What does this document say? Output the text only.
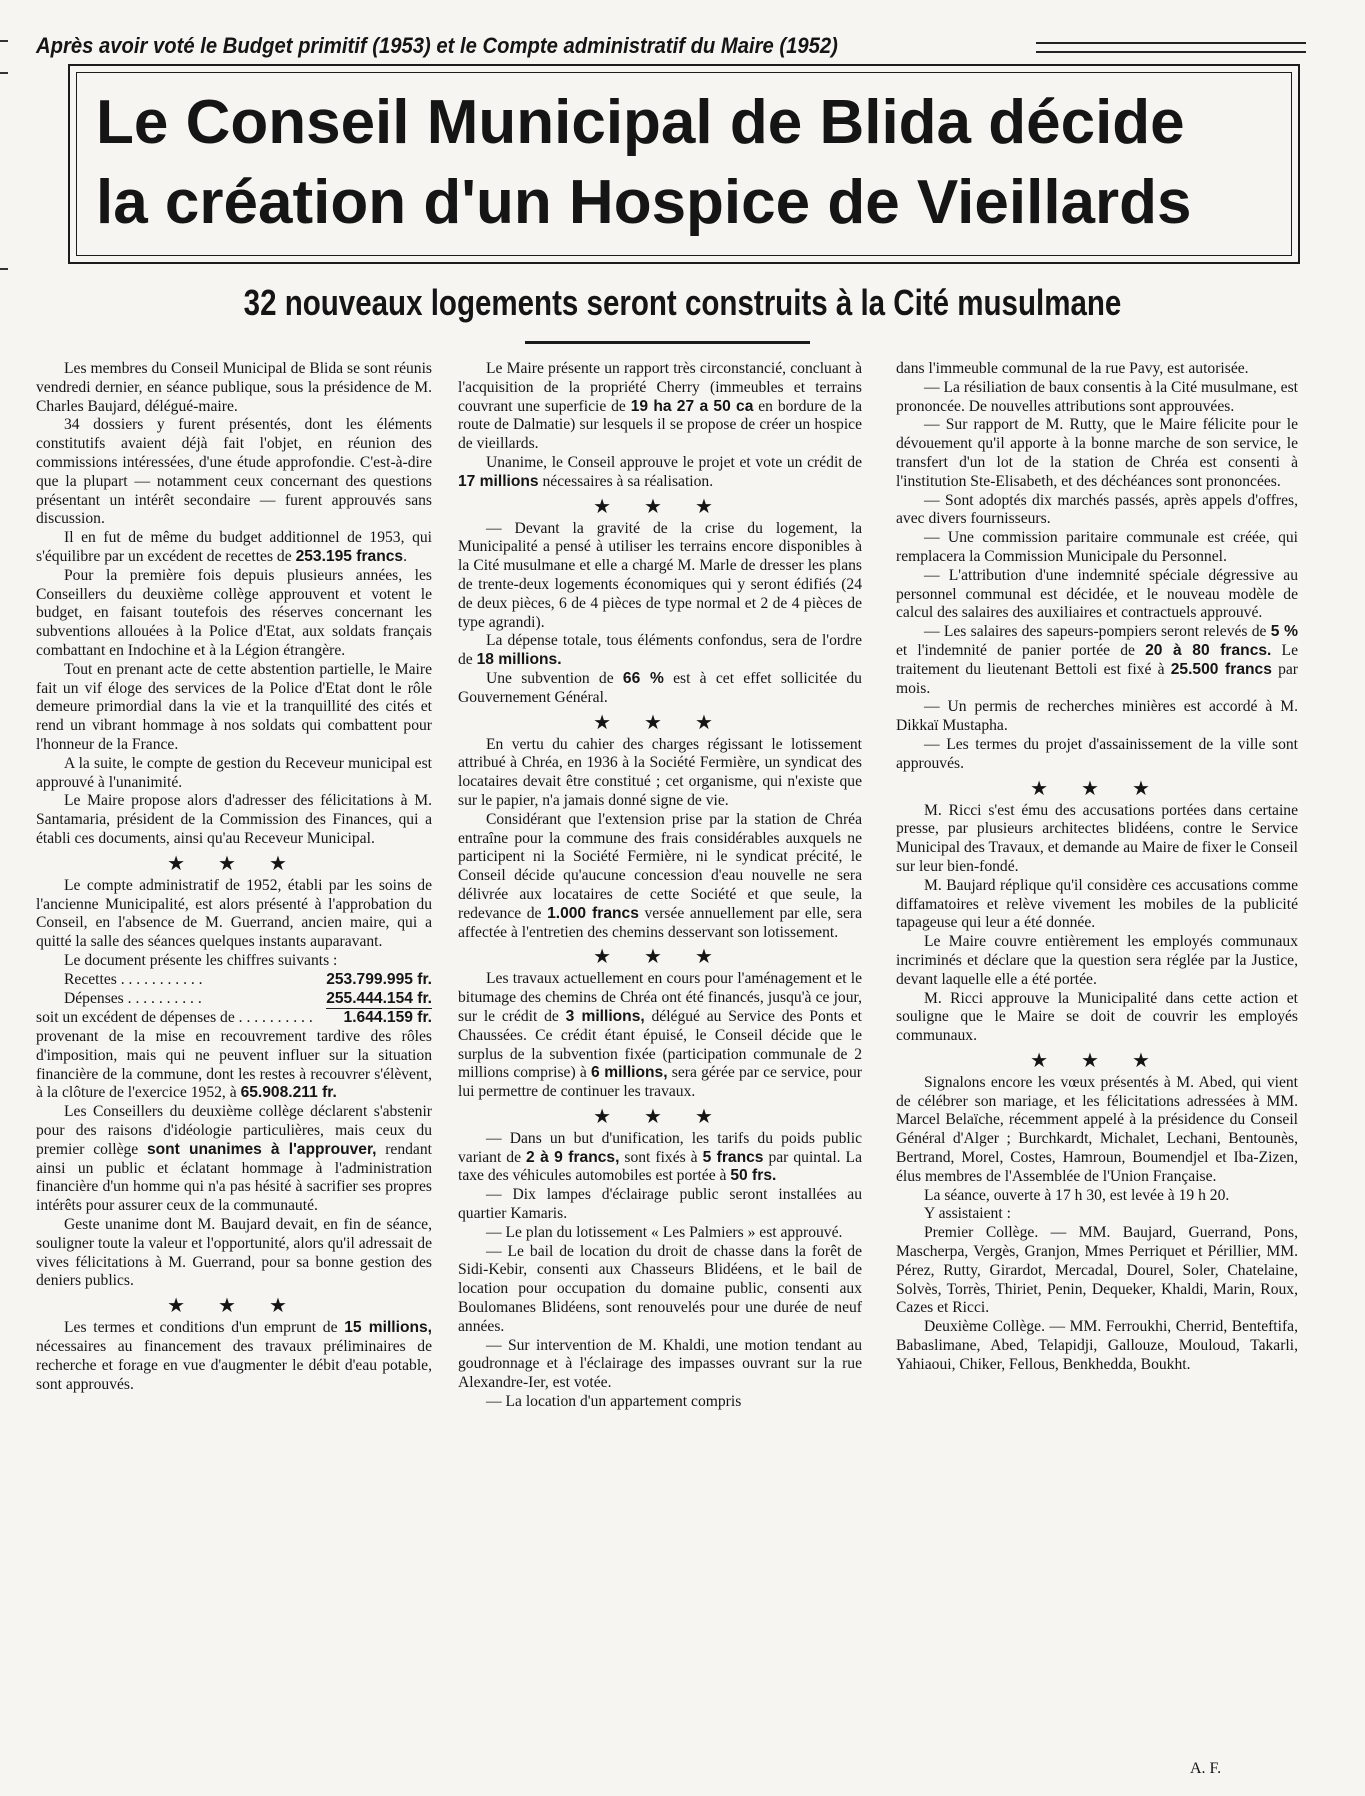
Après avoir voté le Budget primitif (1953) et le Compte administratif du Maire (1952)
Le Conseil Municipal de Blida décide
la création d'un Hospice de Vieillards
32 nouveaux logements seront construits à la Cité musulmane

Les membres du Conseil Municipal de Blida se sont réunis vendredi dernier, en séance publique, sous la présidence de M. Charles Baujard, délégué-maire.

34 dossiers y furent présentés, dont les éléments constitutifs avaient déjà fait l'objet, en réunion des commissions intéressées, d'une étude approfondie. C'est-à-dire que la plupart — notamment ceux concernant des questions présentant un intérêt secondaire — furent approuvés sans discussion.

Il en fut de même du budget additionnel de 1953, qui s'équilibre par un excédent de recettes de 253.195 francs.

Pour la première fois depuis plusieurs années, les Conseillers du deuxième collège approuvent et votent le budget, en faisant toutefois des réserves concernant les subventions allouées à la Police d'Etat, aux soldats français combattant en Indochine et à la Légion étrangère.

Tout en prenant acte de cette abstention partielle, le Maire fait un vif éloge des services de la Police d'Etat dont le rôle demeure primordial dans la vie et la tranquillité des cités et rend un vibrant hommage à nos soldats qui combattent pour l'honneur de la France.

A la suite, le compte de gestion du Receveur municipal est approuvé à l'unanimité.

Le Maire propose alors d'adresser des félicitations à M. Santamaria, président de la Commission des Finances, qui a établi ces documents, ainsi qu'au Receveur Municipal.

★ ★ ★

Le compte administratif de 1952, établi par les soins de l'ancienne Municipalité, est alors présenté à l'approbation du Conseil, en l'absence de M. Guerrand, ancien maire, qui a quitté la salle des séances quelques instants auparavant.

Le document présente les chiffres suivants :

Recettes . . . . . . . . . . .	253.799.995 fr.
Dépenses . . . . . . . . . .	255.444.154 fr.
soit un excédent de dépenses de . . . . . . . . . . 1.644.159 fr.

provenant de la mise en recouvrement tardive des rôles d'imposition, mais qui ne peuvent influer sur la situation financière de la commune, dont les restes à recouvrer s'élèvent, à la clôture de l'exercice 1952, à 65.908.211 fr.

Les Conseillers du deuxième collège déclarent s'abstenir pour des raisons d'idéologie particulières, mais ceux du premier collège sont unanimes à l'approuver, rendant ainsi un public et éclatant hommage à l'administration financière d'un homme qui n'a pas hésité à sacrifier ses propres intérêts pour assurer ceux de la communauté.

Geste unanime dont M. Baujard devait, en fin de séance, souligner toute la valeur et l'opportunité, alors qu'il adressait de vives félicitations à M. Guerrand, pour sa bonne gestion des deniers publics.

★ ★ ★

Les termes et conditions d'un emprunt de 15 millions, nécessaires au financement des travaux préliminaires de recherche et forage en vue d'augmenter le débit d'eau potable, sont approuvés.

Le Maire présente un rapport très circonstancié, concluant à l'acquisition de la propriété Cherry (immeubles et terrains couvrant une superficie de 19 ha 27 a 50 ca en bordure de la route de Dalmatie) sur lesquels il se propose de créer un hospice de vieillards.

Unanime, le Conseil approuve le projet et vote un crédit de 17 millions nécessaires à sa réalisation.

★ ★ ★

— Devant la gravité de la crise du logement, la Municipalité a pensé à utiliser les terrains encore disponibles à la Cité musulmane et elle a chargé M. Marle de dresser les plans de trente-deux logements économiques qui y seront édifiés (24 de deux pièces, 6 de 4 pièces de type normal et 2 de 4 pièces de type agrandi).

La dépense totale, tous éléments confondus, sera de l'ordre de 18 millions.

Une subvention de 66 % est à cet effet sollicitée du Gouvernement Général.

★ ★ ★

En vertu du cahier des charges régissant le lotissement attribué à Chréa, en 1936 à la Société Fermière, un syndicat des locataires devait être constitué ; cet organisme, qui n'existe que sur le papier, n'a jamais donné signe de vie.

Considérant que l'extension prise par la station de Chréa entraîne pour la commune des frais considérables auxquels ne participent ni la Société Fermière, ni le syndicat précité, le Conseil décide qu'aucune concession d'eau nouvelle ne sera délivrée aux locataires de cette Société et que seule, la redevance de 1.000 francs versée annuellement par elle, sera affectée à l'entretien des chemins desservant son lotissement.

★ ★ ★

Les travaux actuellement en cours pour l'aménagement et le bitumage des chemins de Chréa ont été financés, jusqu'à ce jour, sur le crédit de 3 millions, délégué au Service des Ponts et Chaussées. Ce crédit étant épuisé, le Conseil décide que le surplus de la subvention fixée (participation communale de 2 millions comprise) à 6 millions, sera gérée par ce service, pour lui permettre de continuer les travaux.

★ ★ ★

— Dans un but d'unification, les tarifs du poids public variant de 2 à 9 francs, sont fixés à 5 francs par quintal. La taxe des véhicules automobiles est portée à 50 frs.

— Dix lampes d'éclairage public seront installées au quartier Kamaris.

— Le plan du lotissement « Les Palmiers » est approuvé.

— Le bail de location du droit de chasse dans la forêt de Sidi-Kebir, consenti aux Chasseurs Blidéens, et le bail de location pour occupation du domaine public, consenti aux Boulomanes Blidéens, sont renouvelés pour une durée de neuf années.

— Sur intervention de M. Khaldi, une motion tendant au goudronnage et à l'éclairage des impasses ouvrant sur la rue Alexandre-Ier, est votée.

— La location d'un appartement compris

dans l'immeuble communal de la rue Pavy, est autorisée.

— La résiliation de baux consentis à la Cité musulmane, est prononcée. De nouvelles attributions sont approuvées.

— Sur rapport de M. Rutty, que le Maire félicite pour le dévouement qu'il apporte à la bonne marche de son service, le transfert d'un lot de la station de Chréa est consenti à l'institution Ste-Elisabeth, et des déchéances sont prononcées.

— Sont adoptés dix marchés passés, après appels d'offres, avec divers fournisseurs.

— Une commission paritaire communale est créée, qui remplacera la Commission Municipale du Personnel.

— L'attribution d'une indemnité spéciale dégressive au personnel communal est décidée, et le nouveau modèle de calcul des salaires des auxiliaires et contractuels approuvé.

— Les salaires des sapeurs-pompiers seront relevés de 5 % et l'indemnité de panier portée de 20 à 80 francs. Le traitement du lieutenant Bettoli est fixé à 25.500 francs par mois.

— Un permis de recherches minières est accordé à M. Dikkaï Mustapha.

— Les termes du projet d'assainissement de la ville sont approuvés.

★ ★ ★

M. Ricci s'est ému des accusations portées dans certaine presse, par plusieurs architectes blidéens, contre le Service Municipal des Travaux, et demande au Maire de fixer le Conseil sur leur bien-fondé.

M. Baujard réplique qu'il considère ces accusations comme diffamatoires et relève vivement les mobiles de la publicité tapageuse qui leur a été donnée.

Le Maire couvre entièrement les employés communaux incriminés et déclare que la question sera réglée par la Justice, devant laquelle elle a été portée.

M. Ricci approuve la Municipalité dans cette action et souligne que le Maire se doit de couvrir les employés communaux.

★ ★ ★

Signalons encore les vœux présentés à M. Abed, qui vient de célébrer son mariage, et les félicitations adressées à MM. Marcel Belaïche, récemment appelé à la présidence du Conseil Général d'Alger ; Burchkardt, Michalet, Lechani, Bentounès, Bertrand, Morel, Costes, Hamroun, Boumendjel et Iba-Zizen, élus membres de l'Assemblée de l'Union Française.

La séance, ouverte à 17 h 30, est levée à 19 h 20.

Y assistaient :

Premier Collège. — MM. Baujard, Guerrand, Pons, Mascherpa, Vergès, Granjon, Mmes Perriquet et Périllier, MM. Pérez, Rutty, Girardot, Mercadal, Dourel, Soler, Chatelaine, Solvès, Torrès, Thiriet, Penin, Dequeker, Khaldi, Marin, Roux, Cazes et Ricci.

Deuxième Collège. — MM. Ferroukhi, Cherrid, Benteftifa, Babaslimane, Abed, Telapidji, Gallouze, Mouloud, Takarli, Yahiaoui, Chiker, Fellous, Benkhedda, Boukht.

A. F.
